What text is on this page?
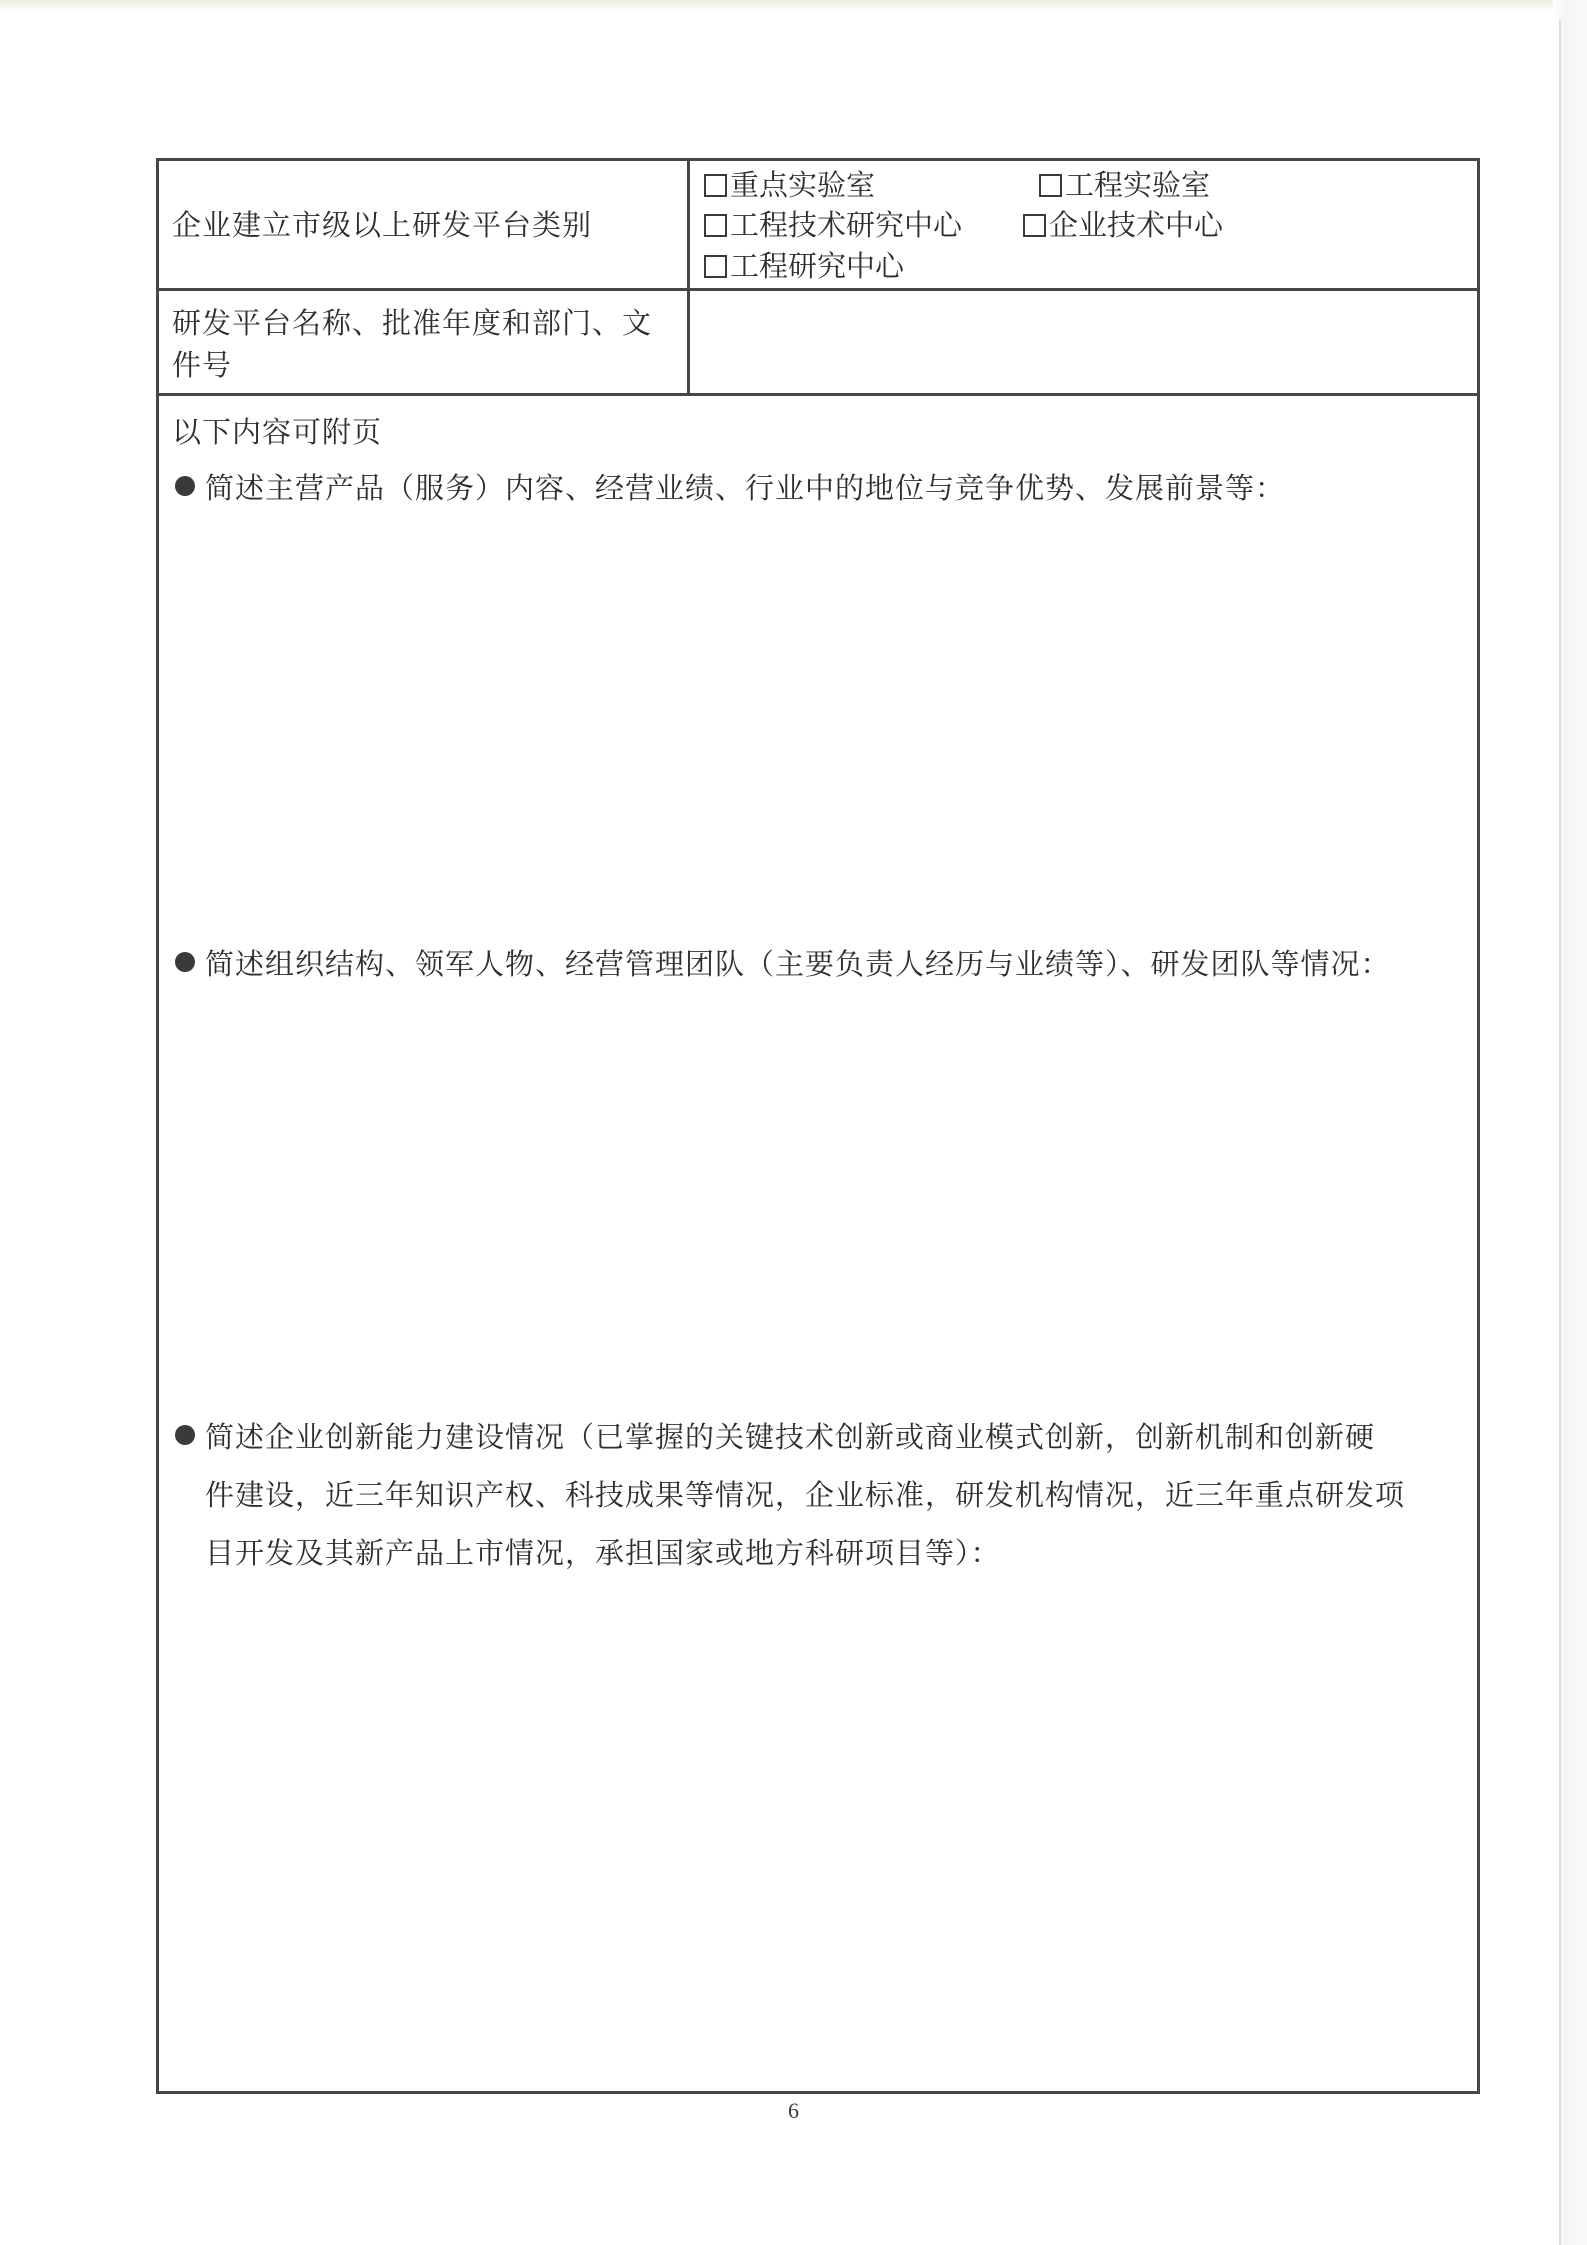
企业建立市级以上研发平台类别
重点实验室	工程实验室
工程技术研究中心	企业技术中心
工程研究中心
研发平台名称、批准年度和部门、文
件号
以下内容可附页
简述主营产品（服务）内容、经营业绩、行业中的地位与竞争优势、发展前景等：
简述组织结构、领军人物、经营管理团队（主要负责人经历与业绩等）、研发团队等情况：
简述企业创新能力建设情况（已掌握的关键技术创新或商业模式创新，创新机制和创新硬
件建设，近三年知识产权、科技成果等情况，企业标准，研发机构情况，近三年重点研发项
目开发及其新产品上市情况，承担国家或地方科研项目等）：
6
